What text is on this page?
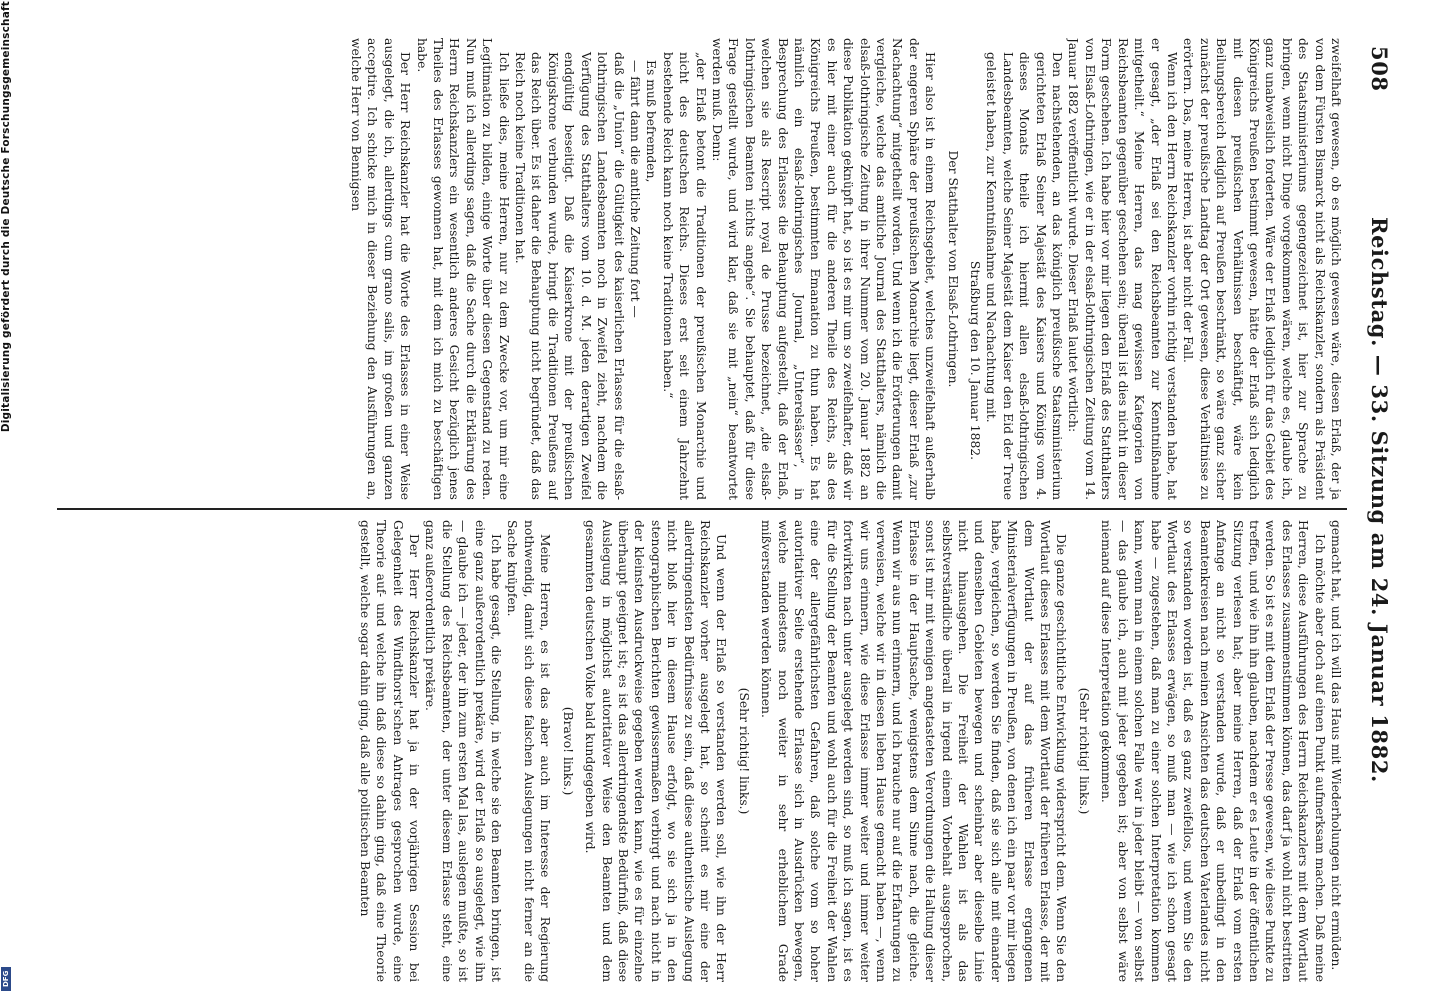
508
Reichstag. — 33. Sitzung am 24. Januar 1882.

zweifelhaft gewesen, ob es möglich gewesen wäre, diesen Erlaß, der ja von dem Fürsten Bismarck nicht als Reichskanzler, sondern als Präsident des Staatsministeriums gegengezeichnet ist, hier zur Sprache zu bringen, wenn nicht Dinge vorgekommen wären, welche es, glaube ich, ganz unabweislich forderten. Wäre der Erlaß lediglich für das Gebiet des Königreichs Preußen bestimmt gewesen, hätte der Erlaß sich lediglich mit diesen preußischen Verhältnissen beschäftigt, wäre kein Beilungsbereich lediglich auf Preußen beschränkt, so wäre ganz sicher zunächst der preußische Landtag der Ort gewesen, diese Verhältnisse zu erörtern. Das, meine Herren, ist aber nicht der Fall.

Wenn ich den Herrn Reichskanzler vorhin richtig verstanden habe, hat er gesagt, „der Erlaß sei den Reichsbeamten zur Kenntnißnahme mitgetheilt.“ Meine Herren, das mag gewissen Kategorien von Reichsbeamten gegenüber geschehen sein; überall ist dies nicht in dieser Form geschehen. Ich habe hier vor mir liegen den Erlaß des Statthalters von Elsaß-Lothringen, wie er in der elsaß-lothringischen Zeitung vom 14. Januar 1882 veröffentlicht wurde. Dieser Erlaß lautet wörtlich:

Den nachstehenden, an das königlich preußische Staatsministerium gerichteten Erlaß Seiner Majestät des Kaisers und Königs vom 4. dieses Monats theile ich hiermit allen elsaß-lothringischen Landesbeamten, welche Seiner Majestät dem Kaiser den Eid der Treue geleistet haben, zur Kenntnißnahme und Nachachtung mit.

Straßburg den 10. Januar 1882.

Der Statthalter von Elsaß-Lothringen.

Hier also ist in einem Reichsgebiet, welches unzweifelhaft außerhalb der engeren Sphäre der preußischen Monarchie liegt, dieser Erlaß „zur Nachachtung“ mitgetheilt worden. Und wenn ich die Erörterungen damit vergleiche, welche das amtliche Journal des Statthalters, nämlich die elsaß-lothringische Zeitung in ihrer Nummer vom 20. Januar 1882 an diese Publikation geknüpft hat, so ist es mir um so zweifelhafter, daß wir es hier mit einer auch für die anderen Theile des Reichs, als des Königreichs Preußen, bestimmten Emanation zu thun haben. Es hat nämlich ein elsaß-lothringisches Journal, „Unterelsässer“, in Besprechung des Erlasses die Behauptung aufgestellt, daß der Erlaß, welchen sie als Rescript royal de Prusse bezeichnet, „die elsaß-lothringischen Beamten nichts angehe“. Sie behauptet, daß für diese Frage gestellt wurde, und wird klar, daß sie mit „nein“ beantwortet werden muß. Denn:

„der Erlaß betont die Traditionen der preußischen Monarchie und nicht des deutschen Reichs. Dieses erst seit einem Jahrzehnt bestehende Reich kann noch keine Traditionen haben.“

Es muß befremden,

— fährt dann die amtliche Zeitung fort —

daß die „Union“ die Gültigkeit des kaiserlichen Erlasses für die elsaß-lothringischen Landesbeamten noch in Zweifel zieht, nachdem die Verfügung des Statthalters vom 10. d. M. jeden derartigen Zweifel endgültig beseitigt. Daß die Kaiserkrone mit der preußischen Königskrone verbunden wurde, bringt die Traditionen Preußens auf das Reich über. Es ist daher die Behauptung nicht begründet, daß das Reich noch keine Traditionen hat.

Ich ließe dies, meine Herren, nur zu dem Zwecke vor, um mir eine Legitimation zu bilden, einige Worte über diesen Gegenstand zu reden. Nun muß ich allerdings sagen, daß die Sache durch die Erklärung des Herrn Reichskanzlers ein wesentlich anderes Gesicht bezüglich jenes Theiles des Erlasses gewonnen hat, mit dem ich mich zu beschäftigen habe.

Der Herr Reichskanzler hat die Worte des Erlasses in einer Weise ausgelegt, die ich, allerdings cum grano salis, im großen und ganzen acceptire. Ich schicke mich in dieser Beziehung den Ausführungen an, welche Herr von Bennigsen

gemacht hat, und ich will das Haus mit Wiederholungen nicht ermüden.

Ich möchte aber doch auf einen Punkt aufmerksam machen. Daß meine Herren, diese Ausführungen des Herrn Reichskanzlers mit dem Wortlaut des Erlasses zusammenstimmen können, das darf ja wohl nicht bestritten werden. So ist es mit dem Erlaß der Presse gewesen, wie diese Punkte zu treffen, und wie ihn ihn glauben, nachdem er es Leute in der öffentlichen Sitzung verlesen hat; aber meine Herren, daß der Erlaß vom ersten Anfange an nicht so verstanden wurde, daß er unbedingt in den Beamtenkreisen nach meinen Ansichten das deutschen Vaterlandes nicht so verstanden worden ist, daß es ganz zweifellos, und wenn Sie den Wortlaut des Erlasses erwägen, so muß man — wie ich schon gesagt habe — zugestehen, daß man zu einer solchen Interpretation kommen kann, wenn man in einem solchen Falle war in jeder bleibt — von selbst — das glaube ich, auch mit jeder gegeben ist; aber von selbst wäre niemand auf diese Interpretation gekommen.

(Sehr richtig! links.)

Die ganze geschichtliche Entwicklung widerspricht dem. Wenn Sie den Wortlaut dieses Erlasses mit dem Wortlaut der früheren Erlasse, der mit dem Wortlaut der auf das früheren Erlasse ergangenen Ministerialverfügungen in Preußen, von denen ich ein paar vor mir liegen habe, vergleichen, so werden Sie finden, daß sie sich alle mit einander und denselben Gebieten bewegen und scheinbar aber dieselbe Linie nicht hinausgehen. Die Freiheit der Wahlen ist als das selbstverständliche überall in irgend einem Vorbehalt ausgesprochen, sonst ist mir mit wenigen angetasteten Verordnungen die Haltung dieser Erlasse in der Hauptsache, wenigstens dem Sinne nach, die gleiche. Wenn wir aus nun erinnern, und ich brauche nur auf die Erfahrungen zu verweisen, welche wir in diesen lieben Hause gemacht haben —, wenn wir uns erinnern, wie diese Erlasse immer weiter und immer weiter fortwirkten nach unter ausgelegt werden sind, so muß ich sagen, ist es für die Stellung der Beamten und wohl auch für die Freiheit der Wahlen eine der allergefährlichsten Gefahren, daß solche vom so hoher autoritativer Seite erstehende Erlasse sich in Ausdrücken bewegen, welche mindestens noch weiter in sehr erheblichem Grade mißverstanden werden können.

(Sehr richtig! links.)

Und wenn der Erlaß so verstanden werden soll, wie ihn der Herr Reichskanzler vorher ausgelegt hat, so scheint es mir eine der allerdringendsten Bedürfnisse zu sein, daß diese authentische Auslegung nicht bloß hier in diesem Hause erfolgt, wo sie sich ja in den stenographischen Berichten gewissermaßen verbirgt und nach nicht in der kleinsten Ausdruckweise gegeben werden kann, wie es für einzelne überhaupt geeignet ist; es ist das allerdringendste Bedürfniß, daß diese Auslegung in möglichst autoritativer Weise den Beamten und dem gesammten deutschen Volke bald kundgegeben wird.

(Bravo! links.)

Meine Herren, es ist das aber auch im Interesse der Regierung nothwendig, damit sich diese falschen Auslegungen nicht ferner an die Sache knüpfen.

Ich habe gesagt, die Stellung, in welche sie den Beamten bringen, ist eine ganz außerordentlich prekäre, wird der Erlaß so ausgelegt, wie ihn — glaube ich — jeder, der ihn zum ersten Mal las, auslegen mußte, so ist die Stellung des Reichsbeamten, der unter diesem Erlasse steht, eine ganz außerordentlich prekäre.

Der Herr Reichskanzler hat ja in der vorjährigen Session bei Gelegenheit des Windthorst'schen Antrages gesprochen wurde, eine Theorie auf- und welche ihn daß diese so dahin ging, daß eine Theorie gestellt, welche sogar dahin ging, daß alle politischen Beamten

Digitalisierung gefördert durch die Deutsche Forschungsgemeinschaft
DFG
